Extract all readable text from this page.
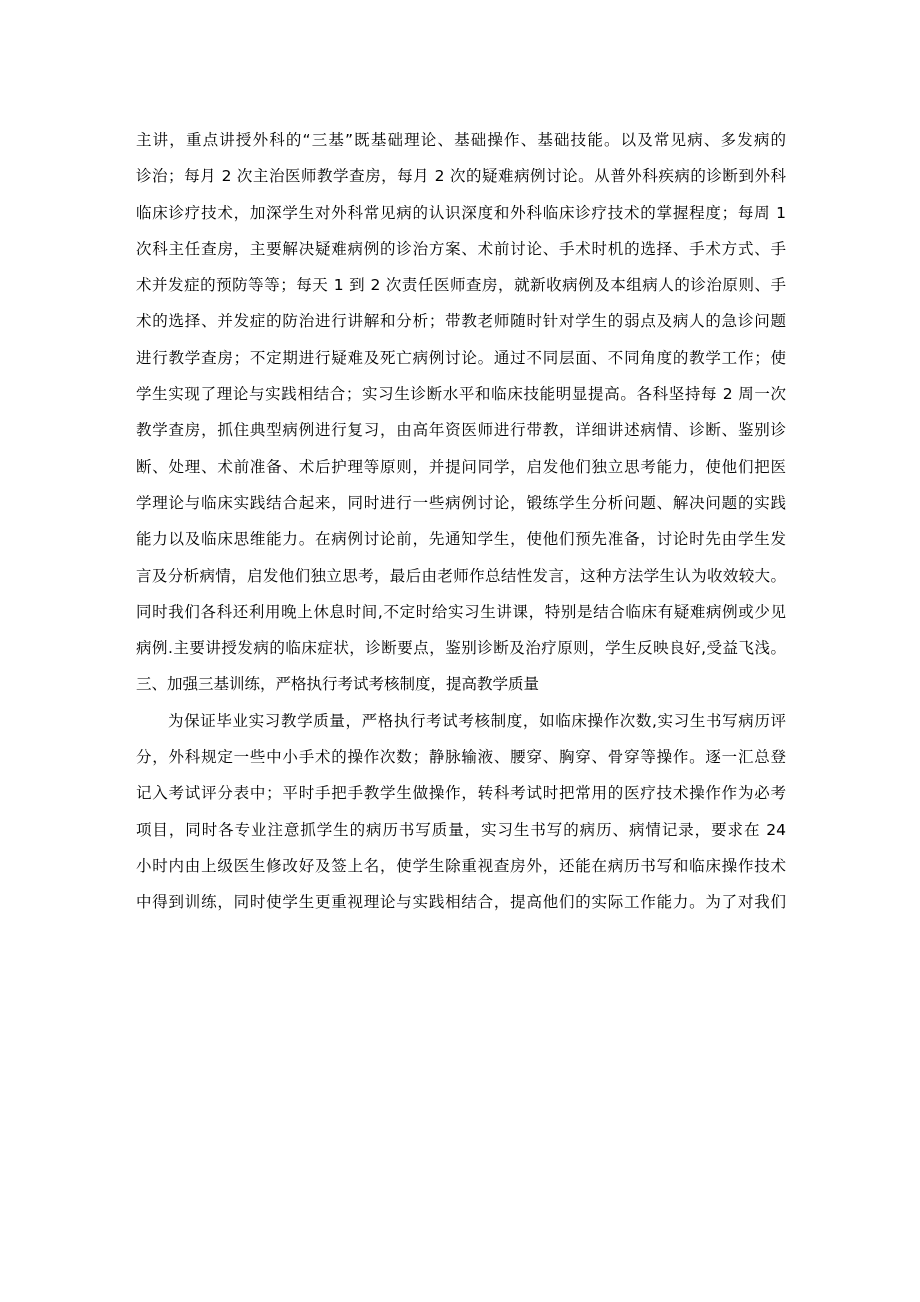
主讲，重点讲授外科的“三基”既基础理论、基础操作、基础技能。以及常见病、多发病的
诊治；每月 2 次主治医师教学查房，每月 2 次的疑难病例讨论。从普外科疾病的诊断到外科
临床诊疗技术，加深学生对外科常见病的认识深度和外科临床诊疗技术的掌握程度；每周 1
次科主任查房，主要解决疑难病例的诊治方案、术前讨论、手术时机的选择、手术方式、手
术并发症的预防等等；每天 1 到 2 次责任医师查房，就新收病例及本组病人的诊治原则、手
术的选择、并发症的防治进行讲解和分析；带教老师随时针对学生的弱点及病人的急诊问题
进行教学查房；不定期进行疑难及死亡病例讨论。通过不同层面、不同角度的教学工作；使
学生实现了理论与实践相结合；实习生诊断水平和临床技能明显提高。各科坚持每 2 周一次
教学查房，抓住典型病例进行复习，由高年资医师进行带教，详细讲述病情、诊断、鉴别诊
断、处理、术前准备、术后护理等原则，并提问同学，启发他们独立思考能力，使他们把医
学理论与临床实践结合起来，同时进行一些病例讨论，锻练学生分析问题、解决问题的实践
能力以及临床思维能力。在病例讨论前，先通知学生，使他们预先准备，讨论时先由学生发
言及分析病情，启发他们独立思考，最后由老师作总结性发言，这种方法学生认为收效较大。
同时我们各科还利用晚上休息时间,不定时给实习生讲课，特别是结合临床有疑难病例或少见
病例.主要讲授发病的临床症状，诊断要点，鉴别诊断及治疗原则，学生反映良好,受益飞浅。
三、加强三基训练，严格执行考试考核制度，提高教学质量
为保证毕业实习教学质量，严格执行考试考核制度，如临床操作次数,实习生书写病历评
分，外科规定一些中小手术的操作次数；静脉输液、腰穿、胸穿、骨穿等操作。逐一汇总登
记入考试评分表中；平时手把手教学生做操作，转科考试时把常用的医疗技术操作作为必考
项目，同时各专业注意抓学生的病历书写质量，实习生书写的病历、病情记录，要求在 24
小时内由上级医生修改好及签上名，使学生除重视查房外，还能在病历书写和临床操作技术
中得到训练，同时使学生更重视理论与实践相结合，提高他们的实际工作能力。为了对我们
